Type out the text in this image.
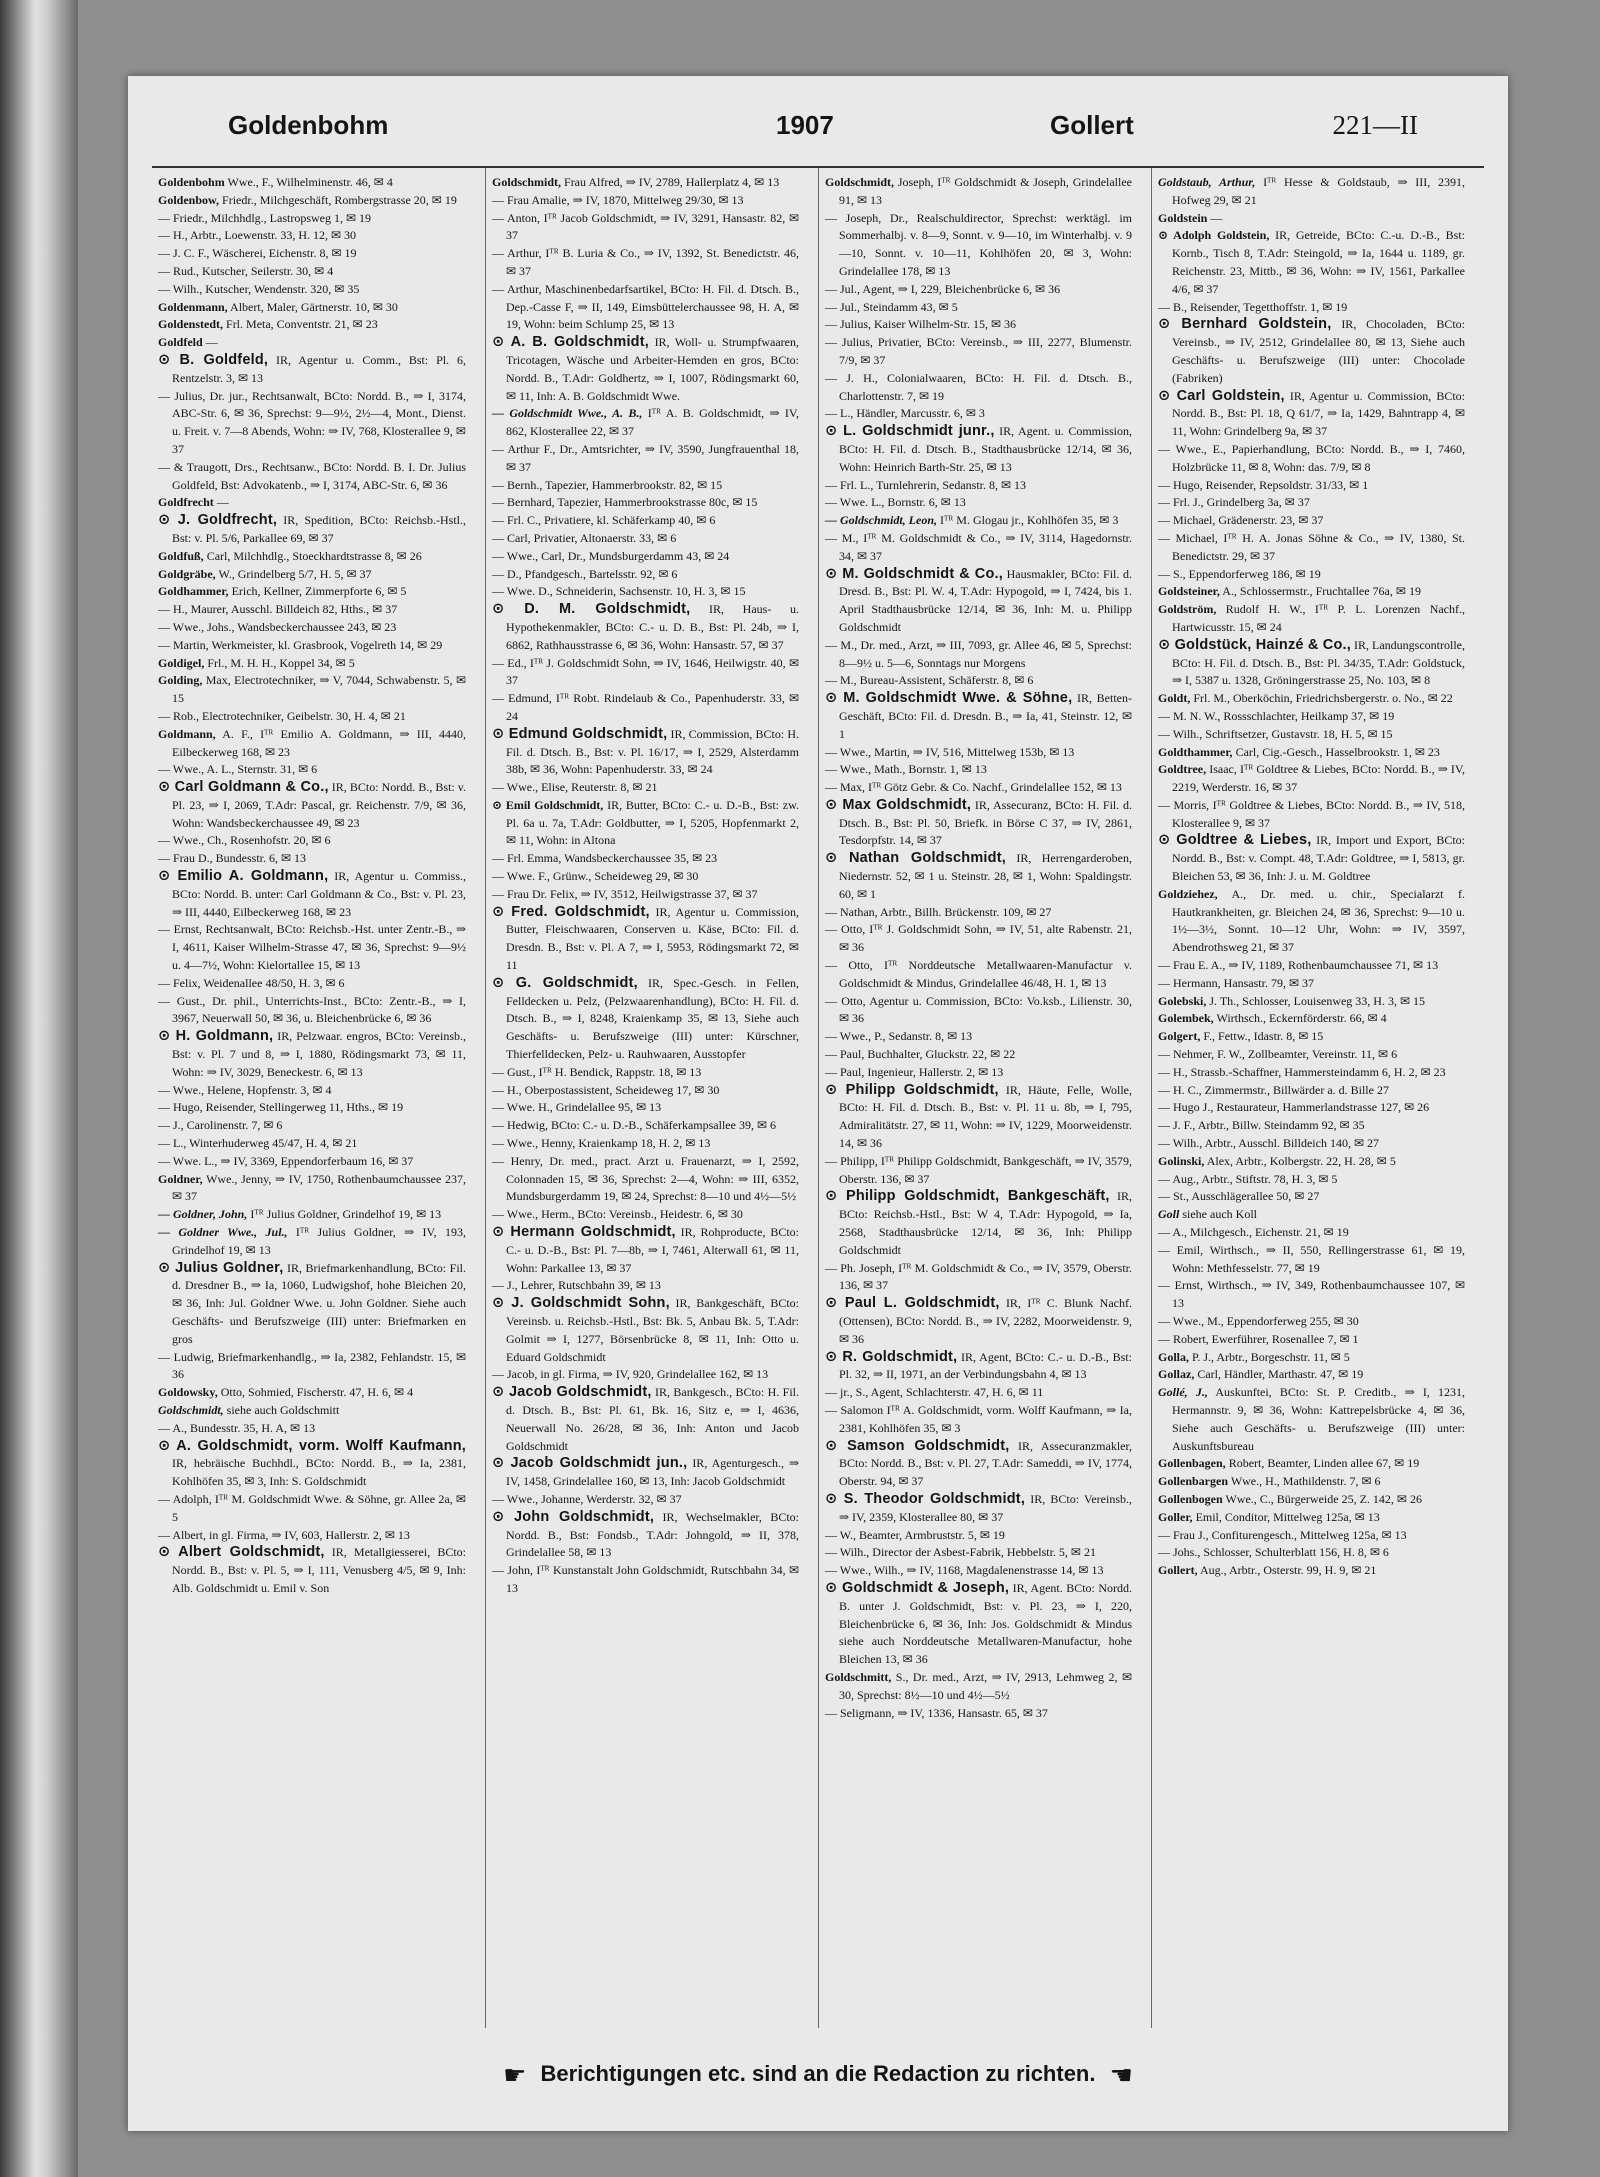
Goldenbohm	1907	Gollert	221—II

Goldenbohm Wwe., F., Wilhelminenstr. 46, ✉ 4

Goldenbow, Friedr., Milchgeschäft, Rombergstrasse 20, ✉ 19

— Friedr., Milchhdlg., Lastropsweg 1, ✉ 19

— H., Arbtr., Loewenstr. 33, H. 12, ✉ 30

— J. C. F., Wäscherei, Eichenstr. 8, ✉ 19

— Rud., Kutscher, Seilerstr. 30, ✉ 4

— Wilh., Kutscher, Wendenstr. 320, ✉ 35

Goldenmann, Albert, Maler, Gärtnerstr. 10, ✉ 30

Goldenstedt, Frl. Meta, Conventstr. 21, ✉ 23

Goldfeld —

⊙ B. Goldfeld, IR, Agentur u. Comm., Bst: Pl. 6, Rentzelstr. 3, ✉ 13

— Julius, Dr. jur., Rechtsanwalt, BCto: Nordd. B., ⇒ I, 3174, ABC-Str. 6, ✉ 36, Sprechst: 9—9½, 2½—4, Mont., Dienst. u. Freit. v. 7—8 Abends, Wohn: ⇒ IV, 768, Klosterallee 9, ✉ 37

— & Traugott, Drs., Rechtsanw., BCto: Nordd. B. I. Dr. Julius Goldfeld, Bst: Advokatenb., ⇒ I, 3174, ABC-Str. 6, ✉ 36

Goldfrecht —

⊙ J. Goldfrecht, IR, Spedition, BCto: Reichsb.-Hstl., Bst: v. Pl. 5/6, Parkallee 69, ✉ 37

Goldfuß, Carl, Milchhdlg., Stoeckhardtstrasse 8, ✉ 26

Goldgräbe, W., Grindelberg 5/7, H. 5, ✉ 37

Goldhammer, Erich, Kellner, Zimmerpforte 6, ✉ 5

— H., Maurer, Ausschl. Billdeich 82, Hths., ✉ 37

— Wwe., Johs., Wandsbeckerchaussee 243, ✉ 23

— Martin, Werkmeister, kl. Grasbrook, Vogelreth 14, ✉ 29

Goldigel, Frl., M. H. H., Koppel 34, ✉ 5

Golding, Max, Electrotechniker, ⇒ V, 7044, Schwabenstr. 5, ✉ 15

— Rob., Electrotechniker, Geibelstr. 30, H. 4, ✉ 21

Goldmann, A. F., Iᵀᴿ Emilio A. Goldmann, ⇒ III, 4440, Eilbeckerweg 168, ✉ 23

— Wwe., A. L., Sternstr. 31, ✉ 6

⊙ Carl Goldmann & Co., IR, BCto: Nordd. B., Bst: v. Pl. 23, ⇒ I, 2069, T.Adr: Pascal, gr. Reichenstr. 7/9, ✉ 36, Wohn: Wandsbeckerchaussee 49, ✉ 23

— Wwe., Ch., Rosenhofstr. 20, ✉ 6

— Frau D., Bundesstr. 6, ✉ 13

⊙ Emilio A. Goldmann, IR, Agentur u. Commiss., BCto: Nordd. B. unter: Carl Goldmann & Co., Bst: v. Pl. 23, ⇒ III, 4440, Eilbeckerweg 168, ✉ 23

— Ernst, Rechtsanwalt, BCto: Reichsb.-Hst. unter Zentr.-B., ⇒ I, 4611, Kaiser Wilhelm-Strasse 47, ✉ 36, Sprechst: 9—9½ u. 4—7½, Wohn: Kielortallee 15, ✉ 13

— Felix, Weidenallee 48/50, H. 3, ✉ 6

— Gust., Dr. phil., Unterrichts-Inst., BCto: Zentr.-B., ⇒ I, 3967, Neuerwall 50, ✉ 36, u. Bleichenbrücke 6, ✉ 36

⊙ H. Goldmann, IR, Pelzwaar. engros, BCto: Vereinsb., Bst: v. Pl. 7 und 8, ⇒ I, 1880, Rödingsmarkt 73, ✉ 11, Wohn: ⇒ IV, 3029, Beneckestr. 6, ✉ 13

— Wwe., Helene, Hopfenstr. 3, ✉ 4

— Hugo, Reisender, Stellingerweg 11, Hths., ✉ 19

— J., Carolinenstr. 7, ✉ 6

— L., Winterhuderweg 45/47, H. 4, ✉ 21

— Wwe. L., ⇒ IV, 3369, Eppendorferbaum 16, ✉ 37

Goldner, Wwe., Jenny, ⇒ IV, 1750, Rothenbaumchaussee 237, ✉ 37

— Goldner, John, Iᵀᴿ Julius Goldner, Grindelhof 19, ✉ 13

— Goldner Wwe., Jul., Iᵀᴿ Julius Goldner, ⇒ IV, 193, Grindelhof 19, ✉ 13

⊙ Julius Goldner, IR, Briefmarkenhandlung, BCto: Fil. d. Dresdner B., ⇒ Ia, 1060, Ludwigshof, hohe Bleichen 20, ✉ 36, Inh: Jul. Goldner Wwe. u. John Goldner. Siehe auch Geschäfts- und Berufszweige (III) unter: Briefmarken en gros

— Ludwig, Briefmarkenhandlg., ⇒ Ia, 2382, Fehlandstr. 15, ✉ 36

Goldowsky, Otto, Sohmied, Fischerstr. 47, H. 6, ✉ 4

Goldschmidt, siehe auch Goldschmitt

— A., Bundesstr. 35, H. A, ✉ 13

⊙ A. Goldschmidt, vorm. Wolff Kaufmann, IR, hebräische Buchhdl., BCto: Nordd. B., ⇒ Ia, 2381, Kohlhöfen 35, ✉ 3, Inh: S. Goldschmidt

— Adolph, Iᵀᴿ M. Goldschmidt Wwe. & Söhne, gr. Allee 2a, ✉ 5

— Albert, in gl. Firma, ⇒ IV, 603, Hallerstr. 2, ✉ 13

⊙ Albert Goldschmidt, IR, Metallgiesserei, BCto: Nordd. B., Bst: v. Pl. 5, ⇒ I, 111, Venusberg 4/5, ✉ 9, Inh: Alb. Goldschmidt u. Emil v. Son

Goldschmidt, Frau Alfred, ⇒ IV, 2789, Hallerplatz 4, ✉ 13

— Frau Amalie, ⇒ IV, 1870, Mittelweg 29/30, ✉ 13

— Anton, Iᵀᴿ Jacob Goldschmidt, ⇒ IV, 3291, Hansastr. 82, ✉ 37

— Arthur, Iᵀᴿ B. Luria & Co., ⇒ IV, 1392, St. Benedictstr. 46, ✉ 37

— Arthur, Maschinenbedarfsartikel, BCto: H. Fil. d. Dtsch. B., Dep.-Casse F, ⇒ II, 149, Eimsbüttelerchaussee 98, H. A, ✉ 19, Wohn: beim Schlump 25, ✉ 13

⊙ A. B. Goldschmidt, IR, Woll- u. Strumpfwaaren, Tricotagen, Wäsche und Arbeiter-Hemden en gros, BCto: Nordd. B., T.Adr: Goldhertz, ⇒ I, 1007, Rödingsmarkt 60, ✉ 11, Inh: A. B. Goldschmidt Wwe.

— Goldschmidt Wwe., A. B., Iᵀᴿ A. B. Goldschmidt, ⇒ IV, 862, Klosterallee 22, ✉ 37

— Arthur F., Dr., Amtsrichter, ⇒ IV, 3590, Jungfrauenthal 18, ✉ 37

— Bernh., Tapezier, Hammerbrookstr. 82, ✉ 15

— Bernhard, Tapezier, Hammerbrookstrasse 80c, ✉ 15

— Frl. C., Privatiere, kl. Schäferkamp 40, ✉ 6

— Carl, Privatier, Altonaerstr. 33, ✉ 6

— Wwe., Carl, Dr., Mundsburgerdamm 43, ✉ 24

— D., Pfandgesch., Bartelsstr. 92, ✉ 6

— Wwe. D., Schneiderin, Sachsenstr. 10, H. 3, ✉ 15

⊙ D. M. Goldschmidt, IR, Haus- u. Hypothekenmakler, BCto: C.- u. D. B., Bst: Pl. 24b, ⇒ I, 6862, Rathhausstrasse 6, ✉ 36, Wohn: Hansastr. 57, ✉ 37

— Ed., Iᵀᴿ J. Goldschmidt Sohn, ⇒ IV, 1646, Heilwigstr. 40, ✉ 37

— Edmund, Iᵀᴿ Robt. Rindelaub & Co., Papenhuderstr. 33, ✉ 24

⊙ Edmund Goldschmidt, IR, Commission, BCto: H. Fil. d. Dtsch. B., Bst: v. Pl. 16/17, ⇒ I, 2529, Alsterdamm 38b, ✉ 36, Wohn: Papenhuderstr. 33, ✉ 24

— Wwe., Elise, Reuterstr. 8, ✉ 21

⊙ Emil Goldschmidt, IR, Butter, BCto: C.- u. D.-B., Bst: zw. Pl. 6a u. 7a, T.Adr: Goldbutter, ⇒ I, 5205, Hopfenmarkt 2, ✉ 11, Wohn: in Altona

— Frl. Emma, Wandsbeckerchaussee 35, ✉ 23

— Wwe. F., Grünw., Scheideweg 29, ✉ 30

— Frau Dr. Felix, ⇒ IV, 3512, Heilwigstrasse 37, ✉ 37

⊙ Fred. Goldschmidt, IR, Agentur u. Commission, Butter, Fleischwaaren, Conserven u. Käse, BCto: Fil. d. Dresdn. B., Bst: v. Pl. A 7, ⇒ I, 5953, Rödingsmarkt 72, ✉ 11

⊙ G. Goldschmidt, IR, Spec.-Gesch. in Fellen, Felldecken u. Pelz, (Pelzwaarenhandlung), BCto: H. Fil. d. Dtsch. B., ⇒ I, 8248, Kraienkamp 35, ✉ 13, Siehe auch Geschäfts- u. Berufszweige (III) unter: Kürschner, Thierfelldecken, Pelz- u. Rauhwaaren, Ausstopfer

— Gust., Iᵀᴿ H. Bendick, Rappstr. 18, ✉ 13

— H., Oberpostassistent, Scheideweg 17, ✉ 30

— Wwe. H., Grindelallee 95, ✉ 13

— Hedwig, BCto: C.- u. D.-B., Schäferkampsallee 39, ✉ 6

— Wwe., Henny, Kraienkamp 18, H. 2, ✉ 13

— Henry, Dr. med., pract. Arzt u. Frauenarzt, ⇒ I, 2592, Colonnaden 15, ✉ 36, Sprechst: 2—4, Wohn: ⇒ III, 6352, Mundsburgerdamm 19, ✉ 24, Sprechst: 8—10 und 4½—5½

— Wwe., Herm., BCto: Vereinsb., Heidestr. 6, ✉ 30

⊙ Hermann Goldschmidt, IR, Rohproducte, BCto: C.- u. D.-B., Bst: Pl. 7—8b, ⇒ I, 7461, Alterwall 61, ✉ 11, Wohn: Parkallee 13, ✉ 37

— J., Lehrer, Rutschbahn 39, ✉ 13

⊙ J. Goldschmidt Sohn, IR, Bankgeschäft, BCto: Vereinsb. u. Reichsb.-Hstl., Bst: Bk. 5, Anbau Bk. 5, T.Adr: Golmit ⇒ I, 1277, Börsenbrücke 8, ✉ 11, Inh: Otto u. Eduard Goldschmidt

— Jacob, in gl. Firma, ⇒ IV, 920, Grindelallee 162, ✉ 13

⊙ Jacob Goldschmidt, IR, Bankgesch., BCto: H. Fil. d. Dtsch. B., Bst: Pl. 61, Bk. 16, Sitz e, ⇒ I, 4636, Neuerwall No. 26/28, ✉ 36, Inh: Anton und Jacob Goldschmidt

⊙ Jacob Goldschmidt jun., IR, Agenturgesch., ⇒ IV, 1458, Grindelallee 160, ✉ 13, Inh: Jacob Goldschmidt

— Wwe., Johanne, Werderstr. 32, ✉ 37

⊙ John Goldschmidt, IR, Wechselmakler, BCto: Nordd. B., Bst: Fondsb., T.Adr: Johngold, ⇒ II, 378, Grindelallee 58, ✉ 13

— John, Iᵀᴿ Kunstanstalt John Goldschmidt, Rutschbahn 34, ✉ 13

Goldschmidt, Joseph, Iᵀᴿ Goldschmidt & Joseph, Grindelallee 91, ✉ 13

— Joseph, Dr., Realschuldirector, Sprechst: werktägl. im Sommerhalbj. v. 8—9, Sonnt. v. 9—10, im Winterhalbj. v. 9—10, Sonnt. v. 10—11, Kohlhöfen 20, ✉ 3, Wohn: Grindelallee 178, ✉ 13

— Jul., Agent, ⇒ I, 229, Bleichenbrücke 6, ✉ 36

— Jul., Steindamm 43, ✉ 5

— Julius, Kaiser Wilhelm-Str. 15, ✉ 36

— Julius, Privatier, BCto: Vereinsb., ⇒ III, 2277, Blumenstr. 7/9, ✉ 37

— J. H., Colonialwaaren, BCto: H. Fil. d. Dtsch. B., Charlottenstr. 7, ✉ 19

— L., Händler, Marcusstr. 6, ✉ 3

⊙ L. Goldschmidt junr., IR, Agent. u. Commission, BCto: H. Fil. d. Dtsch. B., Stadthausbrücke 12/14, ✉ 36, Wohn: Heinrich Barth-Str. 25, ✉ 13

— Frl. L., Turnlehrerin, Sedanstr. 8, ✉ 13

— Wwe. L., Bornstr. 6, ✉ 13

— Goldschmidt, Leon, Iᵀᴿ M. Glogau jr., Kohlhöfen 35, ✉ 3

— M., Iᵀᴿ M. Goldschmidt & Co., ⇒ IV, 3114, Hagedornstr. 34, ✉ 37

⊙ M. Goldschmidt & Co., Hausmakler, BCto: Fil. d. Dresd. B., Bst: Pl. W. 4, T.Adr: Hypogold, ⇒ I, 7424, bis 1. April Stadthausbrücke 12/14, ✉ 36, Inh: M. u. Philipp Goldschmidt

— M., Dr. med., Arzt, ⇒ III, 7093, gr. Allee 46, ✉ 5, Sprechst: 8—9½ u. 5—6, Sonntags nur Morgens

— M., Bureau-Assistent, Schäferstr. 8, ✉ 6

⊙ M. Goldschmidt Wwe. & Söhne, IR, Betten-Geschäft, BCto: Fil. d. Dresdn. B., ⇒ Ia, 41, Steinstr. 12, ✉ 1

— Wwe., Martin, ⇒ IV, 516, Mittelweg 153b, ✉ 13

— Wwe., Math., Bornstr. 1, ✉ 13

— Max, Iᵀᴿ Götz Gebr. & Co. Nachf., Grindelallee 152, ✉ 13

⊙ Max Goldschmidt, IR, Assecuranz, BCto: H. Fil. d. Dtsch. B., Bst: Pl. 50, Briefk. in Börse C 37, ⇒ IV, 2861, Tesdorpfstr. 14, ✉ 37

⊙ Nathan Goldschmidt, IR, Herrengarderoben, Niedernstr. 52, ✉ 1 u. Steinstr. 28, ✉ 1, Wohn: Spaldingstr. 60, ✉ 1

— Nathan, Arbtr., Billh. Brückenstr. 109, ✉ 27

— Otto, Iᵀᴿ J. Goldschmidt Sohn, ⇒ IV, 51, alte Rabenstr. 21, ✉ 36

— Otto, Iᵀᴿ Norddeutsche Metallwaaren-Manufactur v. Goldschmidt & Mindus, Grindelallee 46/48, H. 1, ✉ 13

— Otto, Agentur u. Commission, BCto: Vo.ksb., Lilienstr. 30, ✉ 36

— Wwe., P., Sedanstr. 8, ✉ 13

— Paul, Buchhalter, Gluckstr. 22, ✉ 22

— Paul, Ingenieur, Hallerstr. 2, ✉ 13

⊙ Philipp Goldschmidt, IR, Häute, Felle, Wolle, BCto: H. Fil. d. Dtsch. B., Bst: v. Pl. 11 u. 8b, ⇒ I, 795, Admiralitätstr. 27, ✉ 11, Wohn: ⇒ IV, 1229, Moorweidenstr. 14, ✉ 36

— Philipp, Iᵀᴿ Philipp Goldschmidt, Bankgeschäft, ⇒ IV, 3579, Oberstr. 136, ✉ 37

⊙ Philipp Goldschmidt, Bankgeschäft, IR, BCto: Reichsb.-Hstl., Bst: W 4, T.Adr: Hypogold, ⇒ Ia, 2568, Stadthausbrücke 12/14, ✉ 36, Inh: Philipp Goldschmidt

— Ph. Joseph, Iᵀᴿ M. Goldschmidt & Co., ⇒ IV, 3579, Oberstr. 136, ✉ 37

⊙ Paul L. Goldschmidt, IR, Iᵀᴿ C. Blunk Nachf. (Ottensen), BCto: Nordd. B., ⇒ IV, 2282, Moorweidenstr. 9, ✉ 36

⊙ R. Goldschmidt, IR, Agent, BCto: C.- u. D.-B., Bst: Pl. 32, ⇒ II, 1971, an der Verbindungsbahn 4, ✉ 13

— jr., S., Agent, Schlachterstr. 47, H. 6, ✉ 11

— Salomon Iᵀᴿ A. Goldschmidt, vorm. Wolff Kaufmann, ⇒ Ia, 2381, Kohlhöfen 35, ✉ 3

⊙ Samson Goldschmidt, IR, Assecuranzmakler, BCto: Nordd. B., Bst: v. Pl. 27, T.Adr: Sameddi, ⇒ IV, 1774, Oberstr. 94, ✉ 37

⊙ S. Theodor Goldschmidt, IR, BCto: Vereinsb., ⇒ IV, 2359, Klosterallee 80, ✉ 37

— W., Beamter, Armbruststr. 5, ✉ 19

— Wilh., Director der Asbest-Fabrik, Hebbelstr. 5, ✉ 21

— Wwe., Wilh., ⇒ IV, 1168, Magdalenenstrasse 14, ✉ 13

⊙ Goldschmidt & Joseph, IR, Agent. BCto: Nordd. B. unter J. Goldschmidt, Bst: v. Pl. 23, ⇒ I, 220, Bleichenbrücke 6, ✉ 36, Inh: Jos. Goldschmidt & Mindus siehe auch Norddeutsche Metallwaren-Manufactur, hohe Bleichen 13, ✉ 36

Goldschmitt, S., Dr. med., Arzt, ⇒ IV, 2913, Lehmweg 2, ✉ 30, Sprechst: 8½—10 und 4½—5½

— Seligmann, ⇒ IV, 1336, Hansastr. 65, ✉ 37

Goldstaub, Arthur, Iᵀᴿ Hesse & Goldstaub, ⇒ III, 2391, Hofweg 29, ✉ 21

Goldstein —

⊙ Adolph Goldstein, IR, Getreide, BCto: C.-u. D.-B., Bst: Kornb., Tisch 8, T.Adr: Steingold, ⇒ Ia, 1644 u. 1189, gr. Reichenstr. 23, Mittb., ✉ 36, Wohn: ⇒ IV, 1561, Parkallee 4/6, ✉ 37

— B., Reisender, Tegetthoffstr. 1, ✉ 19

⊙ Bernhard Goldstein, IR, Chocoladen, BCto: Vereinsb., ⇒ IV, 2512, Grindelallee 80, ✉ 13, Siehe auch Geschäfts- u. Berufszweige (III) unter: Chocolade (Fabriken)

⊙ Carl Goldstein, IR, Agentur u. Commission, BCto: Nordd. B., Bst: Pl. 18, Q 61/7, ⇒ Ia, 1429, Bahntrapp 4, ✉ 11, Wohn: Grindelberg 9a, ✉ 37

— Wwe., E., Papierhandlung, BCto: Nordd. B., ⇒ I, 7460, Holzbrücke 11, ✉ 8, Wohn: das. 7/9, ✉ 8

— Hugo, Reisender, Repsoldstr. 31/33, ✉ 1

— Frl. J., Grindelberg 3a, ✉ 37

— Michael, Grädenerstr. 23, ✉ 37

— Michael, Iᵀᴿ H. A. Jonas Söhne & Co., ⇒ IV, 1380, St. Benedictstr. 29, ✉ 37

— S., Eppendorferweg 186, ✉ 19

Goldsteiner, A., Schlossermstr., Fruchtallee 76a, ✉ 19

Goldström, Rudolf H. W., Iᵀᴿ P. L. Lorenzen Nachf., Hartwicusstr. 15, ✉ 24

⊙ Goldstück, Hainzé & Co., IR, Landungscontrolle, BCto: H. Fil. d. Dtsch. B., Bst: Pl. 34/35, T.Adr: Goldstuck, ⇒ I, 5387 u. 1328, Gröningerstrasse 25, No. 103, ✉ 8

Goldt, Frl. M., Oberköchin, Friedrichsbergerstr. o. No., ✉ 22

— M. N. W., Rossschlachter, Heilkamp 37, ✉ 19

— Wilh., Schriftsetzer, Gustavstr. 18, H. 5, ✉ 15

Goldthammer, Carl, Cig.-Gesch., Hasselbrookstr. 1, ✉ 23

Goldtree, Isaac, Iᵀᴿ Goldtree & Liebes, BCto: Nordd. B., ⇒ IV, 2219, Werderstr. 16, ✉ 37

— Morris, Iᵀᴿ Goldtree & Liebes, BCto: Nordd. B., ⇒ IV, 518, Klosterallee 9, ✉ 37

⊙ Goldtree & Liebes, IR, Import und Export, BCto: Nordd. B., Bst: v. Compt. 48, T.Adr: Goldtree, ⇒ I, 5813, gr. Bleichen 53, ✉ 36, Inh: J. u. M. Goldtree

Goldziehez, A., Dr. med. u. chir., Specialarzt f. Hautkrankheiten, gr. Bleichen 24, ✉ 36, Sprechst: 9—10 u. 1½—3½, Sonnt. 10—12 Uhr, Wohn: ⇒ IV, 3597, Abendrothsweg 21, ✉ 37

— Frau E. A., ⇒ IV, 1189, Rothenbaumchaussee 71, ✉ 13

— Hermann, Hansastr. 79, ✉ 37

Golebski, J. Th., Schlosser, Louisenweg 33, H. 3, ✉ 15

Golembek, Wirthsch., Eckernförderstr. 66, ✉ 4

Golgert, F., Fettw., Idastr. 8, ✉ 15

— Nehmer, F. W., Zollbeamter, Vereinstr. 11, ✉ 6

— H., Strassb.-Schaffner, Hammersteindamm 6, H. 2, ✉ 23

— H. C., Zimmermstr., Billwärder a. d. Bille 27

— Hugo J., Restaurateur, Hammerlandstrasse 127, ✉ 26

— J. F., Arbtr., Billw. Steindamm 92, ✉ 35

— Wilh., Arbtr., Ausschl. Billdeich 140, ✉ 27

Golinski, Alex, Arbtr., Kolbergstr. 22, H. 28, ✉ 5

— Aug., Arbtr., Stiftstr. 78, H. 3, ✉ 5

— St., Ausschlägerallee 50, ✉ 27

Goll siehe auch Koll

— A., Milchgesch., Eichenstr. 21, ✉ 19

— Emil, Wirthsch., ⇒ II, 550, Rellingerstrasse 61, ✉ 19, Wohn: Methfesselstr. 77, ✉ 19

— Ernst, Wirthsch., ⇒ IV, 349, Rothenbaumchaussee 107, ✉ 13

— Wwe., M., Eppendorferweg 255, ✉ 30

— Robert, Ewerführer, Rosenallee 7, ✉ 1

Golla, P. J., Arbtr., Borgeschstr. 11, ✉ 5

Gollaz, Carl, Händler, Marthastr. 47, ✉ 19

Gollé, J., Auskunftei, BCto: St. P. Creditb., ⇒ I, 1231, Hermannstr. 9, ✉ 36, Wohn: Kattrepelsbrücke 4, ✉ 36, Siehe auch Geschäfts- u. Berufszweige (III) unter: Auskunftsbureau

Gollenbagen, Robert, Beamter, Linden allee 67, ✉ 19

Gollenbargen Wwe., H., Mathildenstr. 7, ✉ 6

Gollenbogen Wwe., C., Bürgerweide 25, Z. 142, ✉ 26

Goller, Emil, Conditor, Mittelweg 125a, ✉ 13

— Frau J., Confiturengesch., Mittelweg 125a, ✉ 13

— Johs., Schlosser, Schulterblatt 156, H. 8, ✉ 6

Gollert, Aug., Arbtr., Osterstr. 99, H. 9, ✉ 21

☛ Berichtigungen etc. sind an die Redaction zu richten. ☚
